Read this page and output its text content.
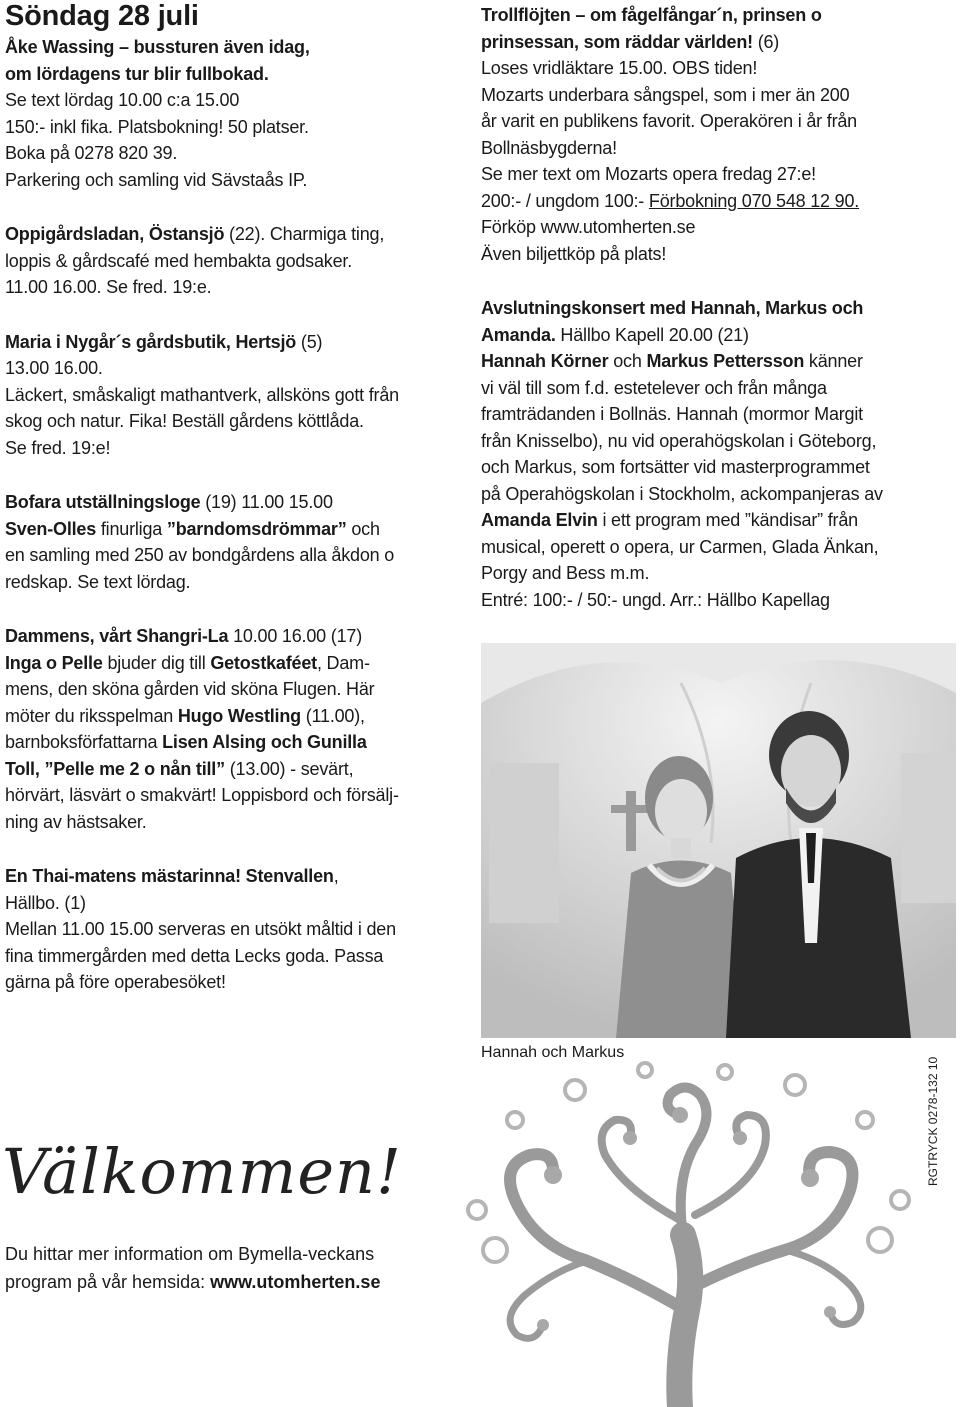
Söndag 28 juli

Åke Wassing – bussturen även idag,

om lördagens tur blir fullbokad.

Se text lördag 10.00 c:a 15.00

150:- inkl fika. Platsbokning! 50 platser.

Boka på 0278 820 39.

Parkering och samling vid Sävstaås IP.

Oppigårdsladan, Östansjö (22). Charmiga ting,

loppis & gårdscafé med hembakta godsaker.

11.00 16.00. Se fred. 19:e.

Maria i Nygår´s gårdsbutik, Hertsjö (5)

13.00 16.00.

Läckert, småskaligt mathantverk, allsköns gott från

skog och natur. Fika! Beställ gårdens köttlåda.

Se fred. 19:e!

Bofara utställningsloge (19) 11.00 15.00

Sven-Olles finurliga ”barndomsdrömmar” och

en samling med 250 av bondgårdens alla åkdon o

redskap. Se text lördag.

Dammens, vårt Shangri-La 10.00 16.00 (17)

Inga o Pelle bjuder dig till Getostkaféet, Dam-

mens, den sköna gården vid sköna Flugen. Här

möter du riksspelman Hugo Westling (11.00),

barnboksförfattarna Lisen Alsing och Gunilla

Toll, ”Pelle me 2 o nån till” (13.00) - sevärt,

hörvärt, läsvärt o smakvärt! Loppisbord och försälj-

ning av hästsaker.

En Thai-matens mästarinna! Stenvallen,

Hällbo. (1)

Mellan 11.00 15.00 serveras en utsökt måltid i den

fina timmergården med detta Lecks goda. Passa

gärna på före operabesöket!

Trollflöjten – om fågelfångar´n, prinsen o

prinsessan, som räddar världen! (6)

Loses vridläktare 15.00. OBS tiden!

Mozarts underbara sångspel, som i mer än 200

år varit en publikens favorit. Operakören i år från

Bollnäsbygderna!

Se mer text om Mozarts opera fredag 27:e!

200:- / ungdom 100:- Förbokning 070 548 12 90.

Förköp www.utomherten.se

Även biljettköp på plats!

Avslutningskonsert med Hannah, Markus och

Amanda. Hällbo Kapell 20.00 (21)

Hannah Körner och Markus Pettersson känner

vi väl till som f.d. estetelever och från många

framträdanden i Bollnäs. Hannah (mormor Margit

från Knisselbo), nu vid operahögskolan i Göteborg,

och Markus, som fortsätter vid masterprogrammet

på Operahögskolan i Stockholm, ackompanjeras av

Amanda Elvin i ett program med ”kändisar” från

musical, operett o opera, ur Carmen, Glada Änkan,

Porgy and Bess m.m.

Entré: 100:- / 50:- ungd. Arr.: Hällbo Kapellag

Hannah och Markus
Välkommen!

Du hittar mer information om Bymella-veckans

program på vår hemsida: www.utomherten.se

RGTRYCK 0278-132 10
